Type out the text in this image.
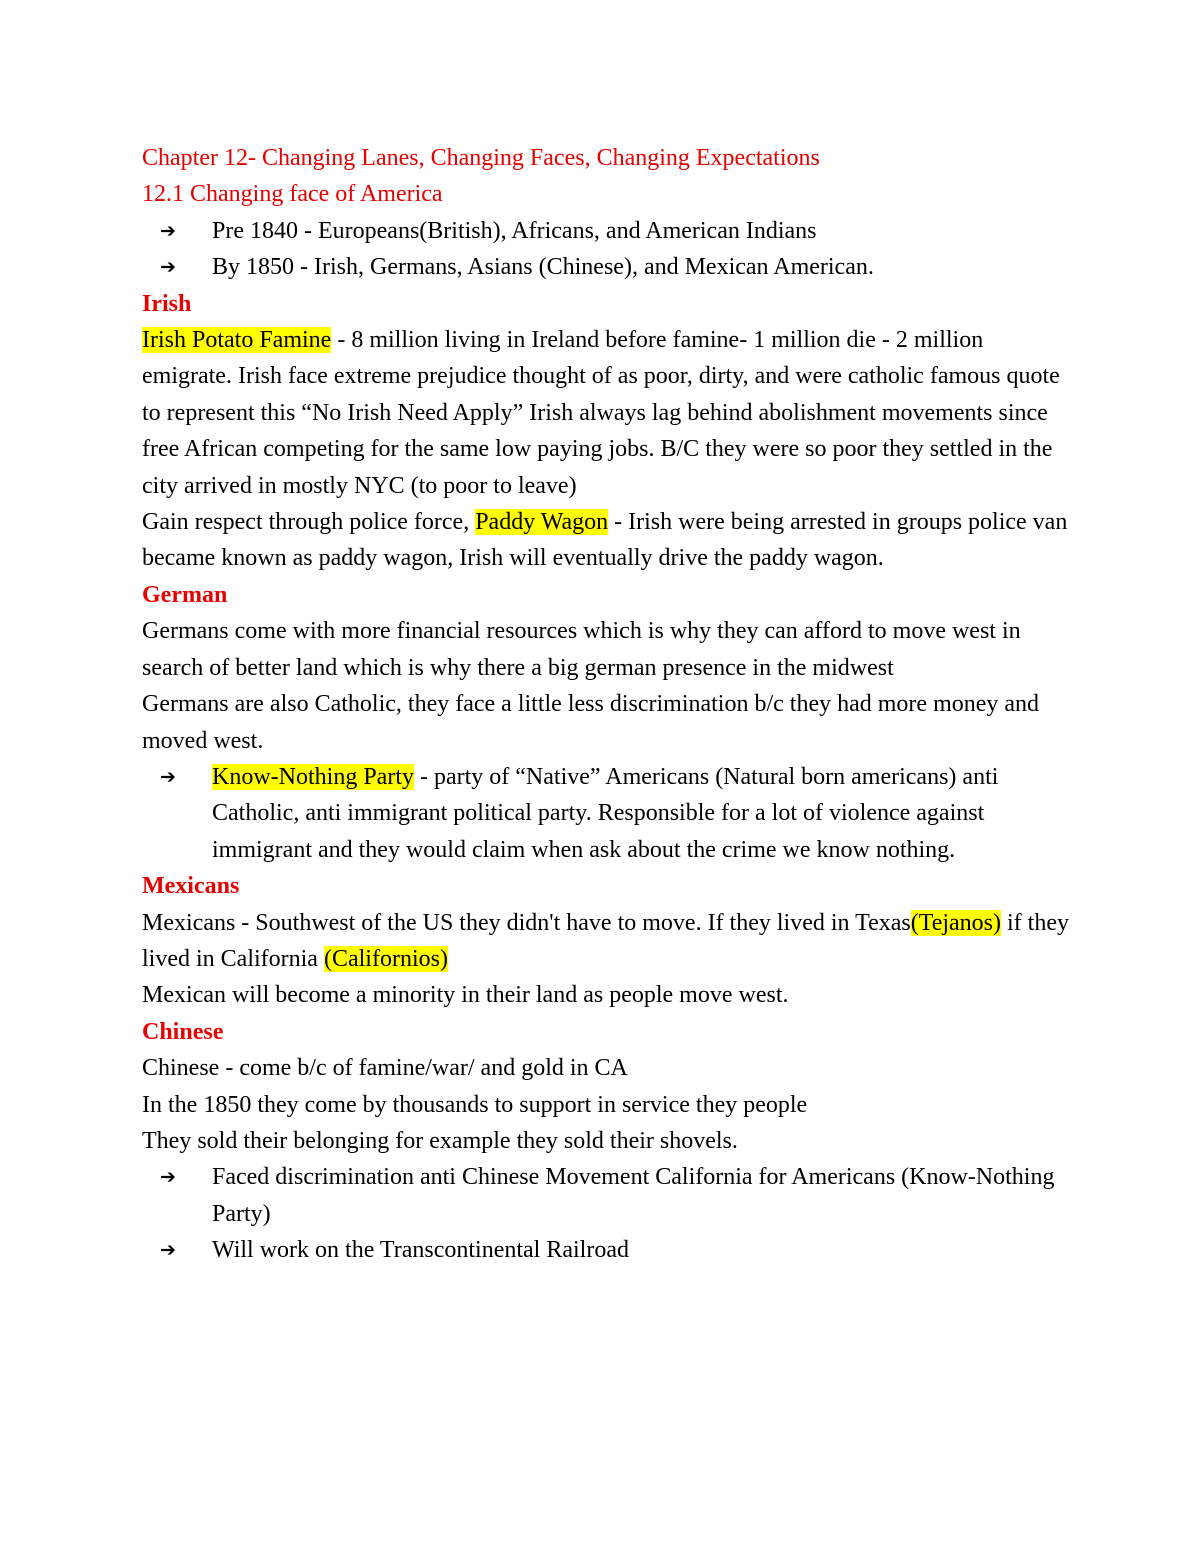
Chapter 12- Changing Lanes, Changing Faces, Changing Expectations

12.1 Changing face of America

➔ Pre 1840 - Europeans(British), Africans, and American Indians

➔ By 1850 - Irish, Germans, Asians (Chinese), and Mexican American.

Irish

Irish Potato Famine - 8 million living in Ireland before famine- 1 million die - 2 million emigrate. Irish face extreme prejudice thought of as poor, dirty, and were catholic famous quote to represent this “No Irish Need Apply” Irish always lag behind abolishment movements since free African competing for the same low paying jobs. B/C they were so poor they settled in the city arrived in mostly NYC (to poor to leave)

Gain respect through police force, Paddy Wagon - Irish were being arrested in groups police van became known as paddy wagon, Irish will eventually drive the paddy wagon.

German

Germans come with more financial resources which is why they can afford to move west in search of better land which is why there a big german presence in the midwest

Germans are also Catholic, they face a little less discrimination b/c they had more money and moved west.

➔ Know-Nothing Party - party of “Native” Americans (Natural born americans) anti Catholic, anti immigrant political party. Responsible for a lot of violence against immigrant and they would claim when ask about the crime we know nothing.

Mexicans

Mexicans - Southwest of the US they didn't have to move. If they lived in Texas(Tejanos) if they lived in California (Californios)

Mexican will become a minority in their land as people move west.

Chinese

Chinese - come b/c of famine/war/ and gold in CA

In the 1850 they come by thousands to support in service they people

They sold their belonging for example they sold their shovels.

➔ Faced discrimination anti Chinese Movement California for Americans (Know-Nothing Party)

➔ Will work on the Transcontinental Railroad
